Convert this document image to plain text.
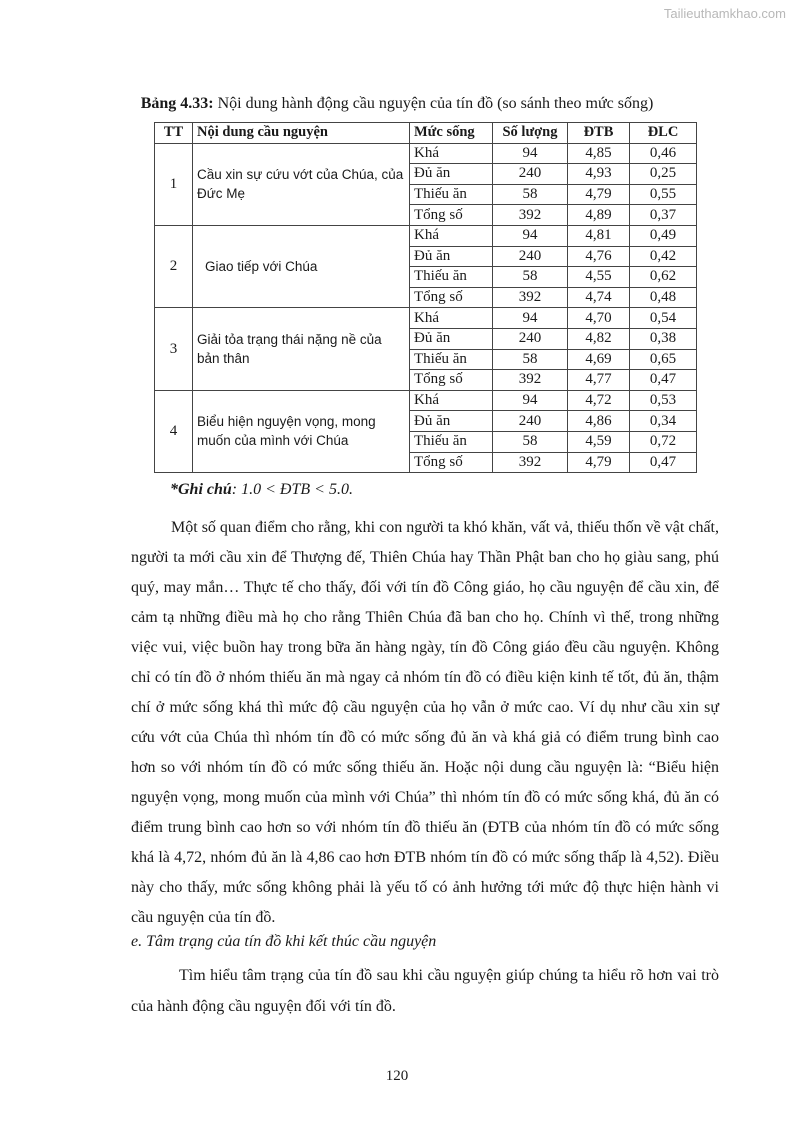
Tailieuthamkhao.com
Bảng 4.33: Nội dung hành động cầu nguyện của tín đồ (so sánh theo mức sống)
TT	Nội dung cầu nguyện	Mức sống	Số lượng	ĐTB	ĐLC
1	Cầu xin sự cứu vớt của Chúa, của Đức Mẹ	Khá	94	4,85	0,46
		Đủ ăn	240	4,93	0,25
		Thiếu ăn	58	4,79	0,55
		Tổng số	392	4,89	0,37
2	Giao tiếp với Chúa	Khá	94	4,81	0,49
		Đủ ăn	240	4,76	0,42
		Thiếu ăn	58	4,55	0,62
		Tổng số	392	4,74	0,48
3	Giải tỏa trạng thái nặng nề của bản thân	Khá	94	4,70	0,54
		Đủ ăn	240	4,82	0,38
		Thiếu ăn	58	4,69	0,65
		Tổng số	392	4,77	0,47
4	Biểu hiện nguyện vọng, mong muốn của mình với Chúa	Khá	94	4,72	0,53
		Đủ ăn	240	4,86	0,34
		Thiếu ăn	58	4,59	0,72
		Tổng số	392	4,79	0,47
*Ghi chú: 1.0 < ĐTB < 5.0.

Một số quan điểm cho rằng, khi con người ta khó khăn, vất vả, thiếu thốn về vật chất, người ta mới cầu xin để Thượng đế, Thiên Chúa hay Thần Phật ban cho họ giàu sang, phú quý, may mắn… Thực tế cho thấy, đối với tín đồ Công giáo, họ cầu nguyện để cầu xin, để cảm tạ những điều mà họ cho rằng Thiên Chúa đã ban cho họ. Chính vì thế, trong những việc vui, việc buồn hay trong bữa ăn hàng ngày, tín đồ Công giáo đều cầu nguyện. Không chỉ có tín đồ ở nhóm thiếu ăn mà ngay cả nhóm tín đồ có điều kiện kinh tế tốt, đủ ăn, thậm chí ở mức sống khá thì mức độ cầu nguyện của họ vẫn ở mức cao. Ví dụ như cầu xin sự cứu vớt của Chúa thì nhóm tín đồ có mức sống đủ ăn và khá giả có điểm trung bình cao hơn so với nhóm tín đồ có mức sống thiếu ăn. Hoặc nội dung cầu nguyện là: “Biểu hiện nguyện vọng, mong muốn của mình với Chúa” thì nhóm tín đồ có mức sống khá, đủ ăn có điểm trung bình cao hơn so với nhóm tín đồ thiếu ăn (ĐTB của nhóm tín đồ có mức sống khá là 4,72, nhóm đủ ăn là 4,86 cao hơn ĐTB nhóm tín đồ có mức sống thấp là 4,52). Điều này cho thấy, mức sống không phải là yếu tố có ảnh hưởng tới mức độ thực hiện hành vi cầu nguyện của tín đồ.

e. Tâm trạng của tín đồ khi kết thúc cầu nguyện

Tìm hiểu tâm trạng của tín đồ sau khi cầu nguyện giúp chúng ta hiểu rõ hơn vai trò của hành động cầu nguyện đối với tín đồ.

120
